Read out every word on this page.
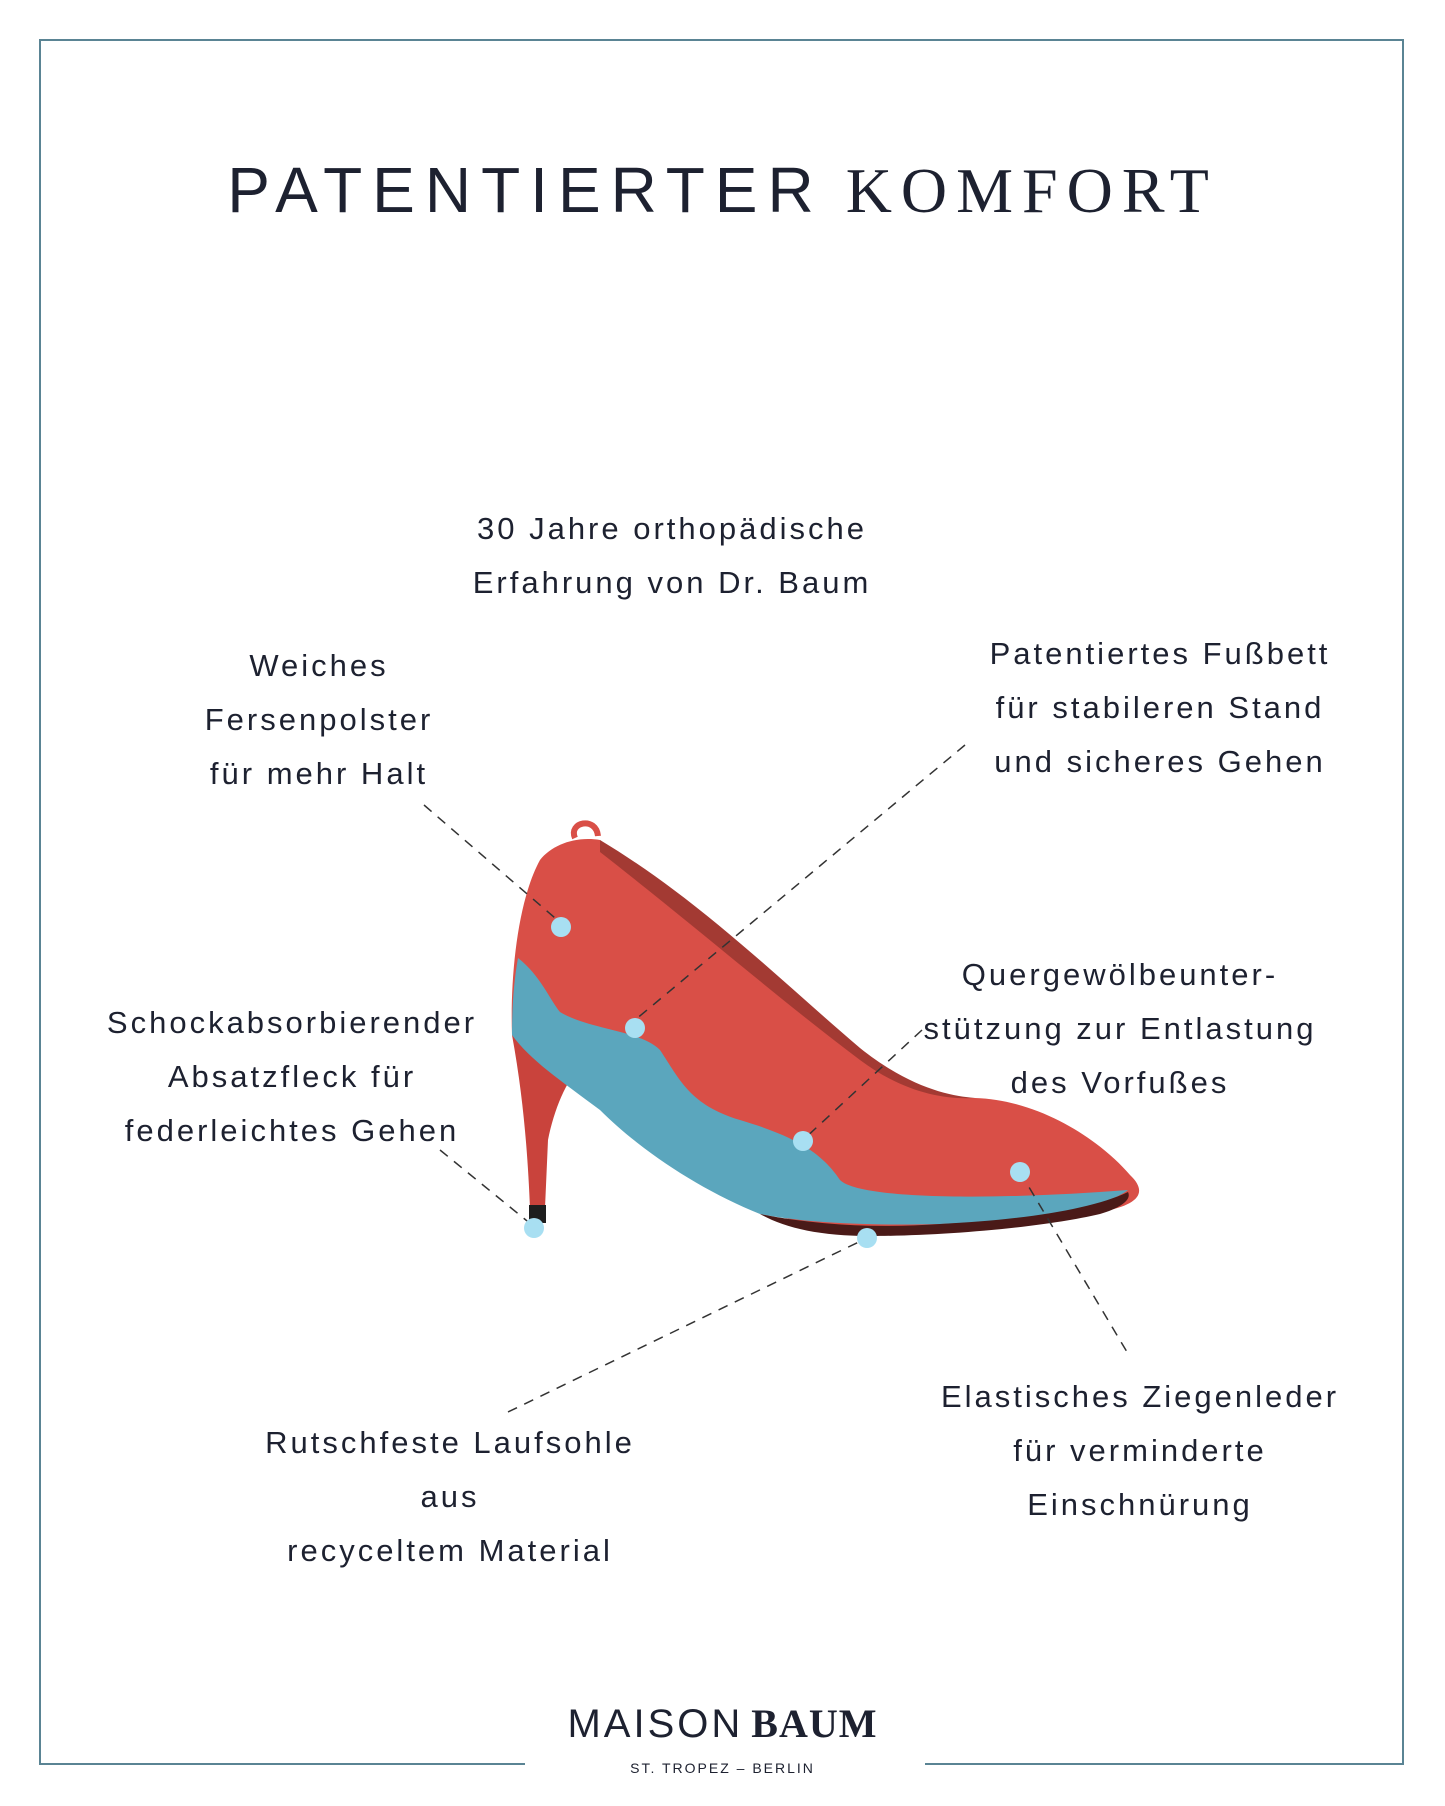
PATENTIERTER KOMFORT
30 Jahre orthopädische
Erfahrung von Dr. Baum
Weiches
Fersenpolster
für mehr Halt
Patentiertes Fußbett
für stabileren Stand
und sicheres Gehen
Schockabsorbierender
Absatzfleck für
federleichtes Gehen
Quergewölbeunter-
stützung zur Entlastung
des Vorfußes
Rutschfeste Laufsohle
aus
recyceltem Material
Elastisches Ziegenleder
für verminderte
Einschnürung
MAISON BAUM
ST. TROPEZ – BERLIN
